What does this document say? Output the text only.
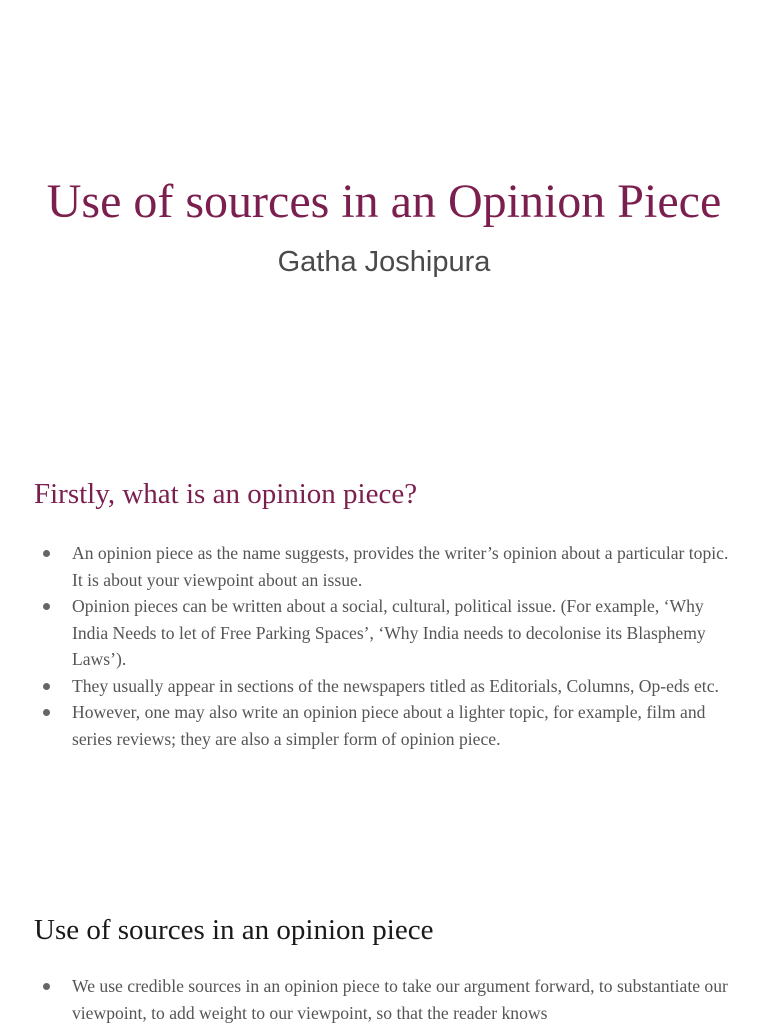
Use of sources in an Opinion Piece
Gatha Joshipura
Firstly, what is an opinion piece?
An opinion piece as the name suggests, provides the writer’s opinion about a particular topic. It is about your viewpoint about an issue.
Opinion pieces can be written about a social, cultural, political issue. (For example, ‘Why India Needs to let of Free Parking Spaces’, ‘Why India needs to decolonise its Blasphemy Laws’).
They usually appear in sections of the newspapers titled as Editorials, Columns, Op-eds etc.
However, one may also write an opinion piece about a lighter topic, for example, film and series reviews; they are also a simpler form of opinion piece.
Use of sources in an opinion piece
We use credible sources in an opinion piece to take our argument forward, to substantiate our viewpoint, to add weight to our viewpoint, so that the reader knows
